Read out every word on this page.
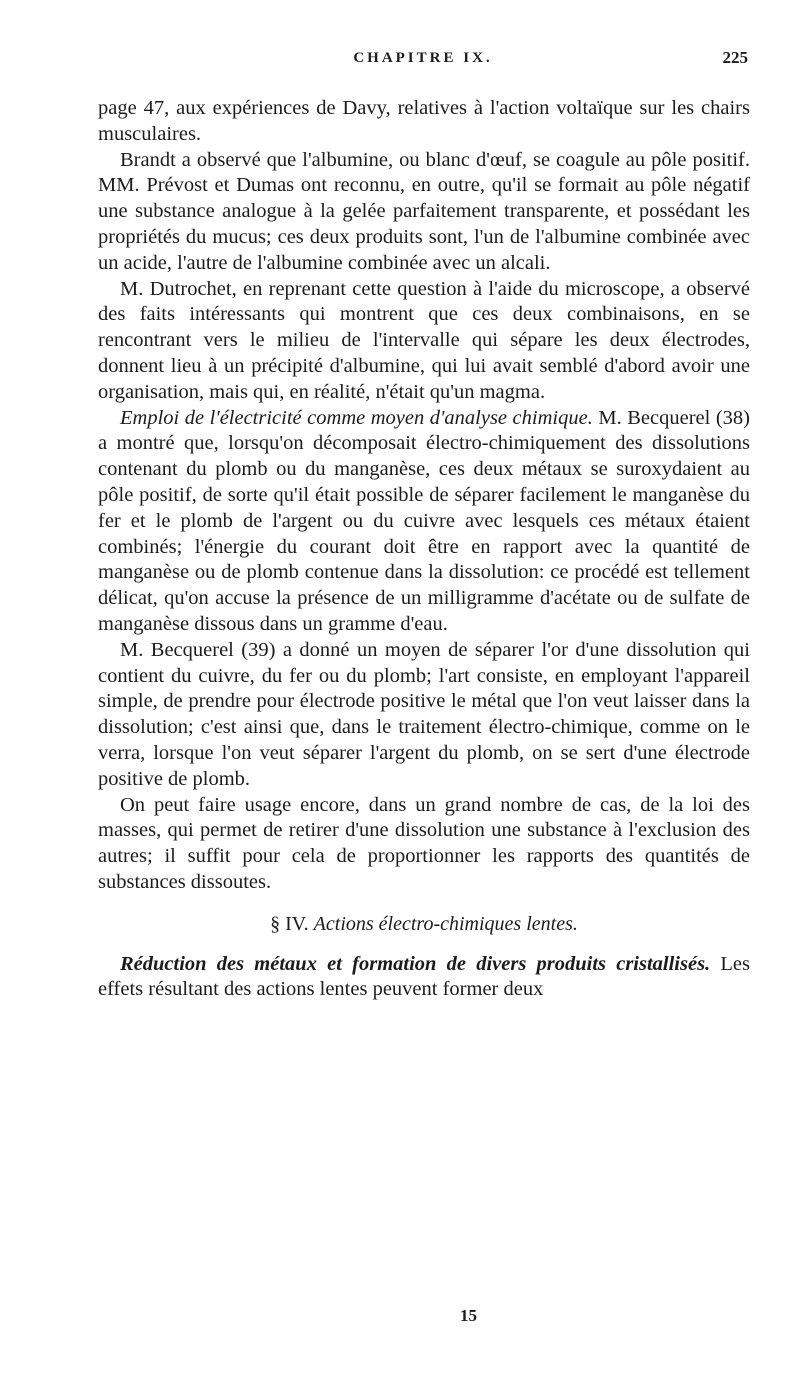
CHAPITRE IX.	225

page 47, aux expériences de Davy, relatives à l'action voltaïque sur les chairs musculaires.

Brandt a observé que l'albumine, ou blanc d'œuf, se coagule au pôle positif. MM. Prévost et Dumas ont reconnu, en outre, qu'il se formait au pôle négatif une substance analogue à la gelée parfaitement transparente, et possédant les propriétés du mucus; ces deux produits sont, l'un de l'albumine combinée avec un acide, l'autre de l'albumine combinée avec un alcali.

M. Dutrochet, en reprenant cette question à l'aide du microscope, a observé des faits intéressants qui montrent que ces deux combinaisons, en se rencontrant vers le milieu de l'intervalle qui sépare les deux électrodes, donnent lieu à un précipité d'albumine, qui lui avait semblé d'abord avoir une organisation, mais qui, en réalité, n'était qu'un magma.

Emploi de l'électricité comme moyen d'analyse chimique. M. Becquerel (38) a montré que, lorsqu'on décomposait électro-chimiquement des dissolutions contenant du plomb ou du manganèse, ces deux métaux se suroxydaient au pôle positif, de sorte qu'il était possible de séparer facilement le manganèse du fer et le plomb de l'argent ou du cuivre avec lesquels ces métaux étaient combinés; l'énergie du courant doit être en rapport avec la quantité de manganèse ou de plomb contenue dans la dissolution: ce procédé est tellement délicat, qu'on accuse la présence de un milligramme d'acétate ou de sulfate de manganèse dissous dans un gramme d'eau.

M. Becquerel (39) a donné un moyen de séparer l'or d'une dissolution qui contient du cuivre, du fer ou du plomb; l'art consiste, en employant l'appareil simple, de prendre pour électrode positive le métal que l'on veut laisser dans la dissolution; c'est ainsi que, dans le traitement électro-chimique, comme on le verra, lorsque l'on veut séparer l'argent du plomb, on se sert d'une électrode positive de plomb.

On peut faire usage encore, dans un grand nombre de cas, de la loi des masses, qui permet de retirer d'une dissolution une substance à l'exclusion des autres; il suffit pour cela de proportionner les rapports des quantités de substances dissoutes.

§ IV. Actions électro-chimiques lentes.

Réduction des métaux et formation de divers produits cristallisés. Les effets résultant des actions lentes peuvent former deux

15
